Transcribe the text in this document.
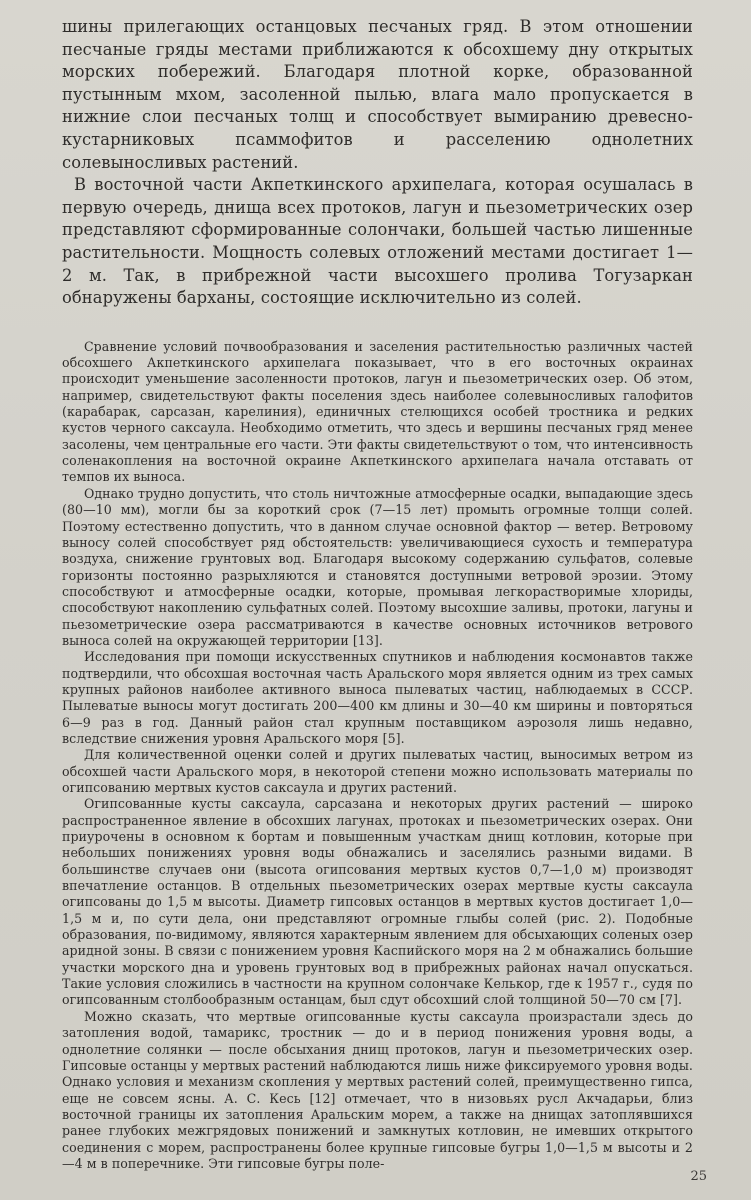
шины прилегающих останцовых песчаных гряд. В этом отношении песчаные гряды местами приближаются к обсохшему дну открытых морских побережий. Благодаря плотной корке, образованной пустынным мхом, засоленной пылью, влага мало пропускается в нижние слои песчаных толщ и способствует вымиранию древесно-кустарниковых псаммофитов и расселению однолетних солевыносливых растений.

В восточной части Акпеткинского архипелага, которая осушалась в первую очередь, днища всех протоков, лагун и пьезометрических озер представляют сформированные солончаки, большей частью лишенные растительности. Мощность солевых отложений местами достигает 1—2 м. Так, в прибрежной части высохшего пролива Тогузаркан обнаружены барханы, состоящие исключительно из солей.

Сравнение условий почвообразования и заселения растительностью различных частей обсохшего Акпеткинского архипелага показывает, что в его восточных окраинах происходит уменьшение засоленности протоков, лагун и пьезометрических озер. Об этом, например, свидетельствуют факты поселения здесь наиболее солевыносливых галофитов (карабарак, сарсазан, карелиния), единичных стелющихся особей тростника и редких кустов черного саксаула. Необходимо отметить, что здесь и вершины песчаных гряд менее засолены, чем центральные его части. Эти факты свидетельствуют о том, что интенсивность соленакопления на восточной окраине Акпеткинского архипелага начала отставать от темпов их выноса.

Однако трудно допустить, что столь ничтожные атмосферные осадки, выпадающие здесь (80—10 мм), могли бы за короткий срок (7—15 лет) промыть огромные толщи солей. Поэтому естественно допустить, что в данном случае основной фактор — ветер. Ветровому выносу солей способствует ряд обстоятельств: увеличивающиеся сухость и температура воздуха, снижение грунтовых вод. Благодаря высокому содержанию сульфатов, солевые горизонты постоянно разрыхляются и становятся доступными ветровой эрозии. Этому способствуют и атмосферные осадки, которые, промывая легкорастворимые хлориды, способствуют накоплению сульфатных солей. Поэтому высохшие заливы, протоки, лагуны и пьезометрические озера рассматриваются в качестве основных источников ветрового выноса солей на окружающей территории [13].

Исследования при помощи искусственных спутников и наблюдения космонавтов также подтвердили, что обсохшая восточная часть Аральского моря является одним из трех самых крупных районов наиболее активного выноса пылеватых частиц, наблюдаемых в СССР. Пылеватые выносы могут достигать 200—400 км длины и 30—40 км ширины и повторяться 6—9 раз в год. Данный район стал крупным поставщиком аэрозоля лишь недавно, вследствие снижения уровня Аральского моря [5].

Для количественной оценки солей и других пылеватых частиц, выносимых ветром из обсохшей части Аральского моря, в некоторой степени можно использовать материалы по огипсованию мертвых кустов саксаула и других растений.

Огипсованные кусты саксаула, сарсазана и некоторых других растений — широко распространенное явление в обсохших лагунах, протоках и пьезометрических озерах. Они приурочены в основном к бортам и повышенным участкам днищ котловин, которые при небольших понижениях уровня воды обнажались и заселялись разными видами. В большинстве случаев они (высота огипсования мертвых кустов 0,7—1,0 м) производят впечатление останцов. В отдельных пьезометрических озерах мертвые кусты саксаула огипсованы до 1,5 м высоты. Диаметр гипсовых останцов в мертвых кустов достигает 1,0—1,5 м и, по сути дела, они представляют огромные глыбы солей (рис. 2). Подобные образования, по-видимому, являются характерным явлением для обсыхающих соленых озер аридной зоны. В связи с понижением уровня Каспийского моря на 2 м обнажались большие участки морского дна и уровень грунтовых вод в прибрежных районах начал опускаться. Такие условия сложились в частности на крупном солончаке Келькор, где к 1957 г., судя по огипсованным столбообразным останцам, был сдут обсохший слой толщиной 50—70 см [7].

Можно сказать, что мертвые огипсованные кусты саксаула произрастали здесь до затопления водой, тамарикс, тростник — до и в период понижения уровня воды, а однолетние солянки — после обсыхания днищ протоков, лагун и пьезометрических озер. Гипсовые останцы у мертвых растений наблюдаются лишь ниже фиксируемого уровня воды. Однако условия и механизм скопления у мертвых растений солей, преимущественно гипса, еще не совсем ясны. А. С. Кесь [12] отмечает, что в низовьях русл Акчадарьи, близ восточной границы их затопления Аральским морем, а также на днищах затоплявшихся ранее глубоких межгрядовых понижений и замкнутых котловин, не имевших открытого соединения с морем, распространены более крупные гипсовые бугры 1,0—1,5 м высоты и 2—4 м в поперечнике. Эти гипсовые бугры поле-

25
